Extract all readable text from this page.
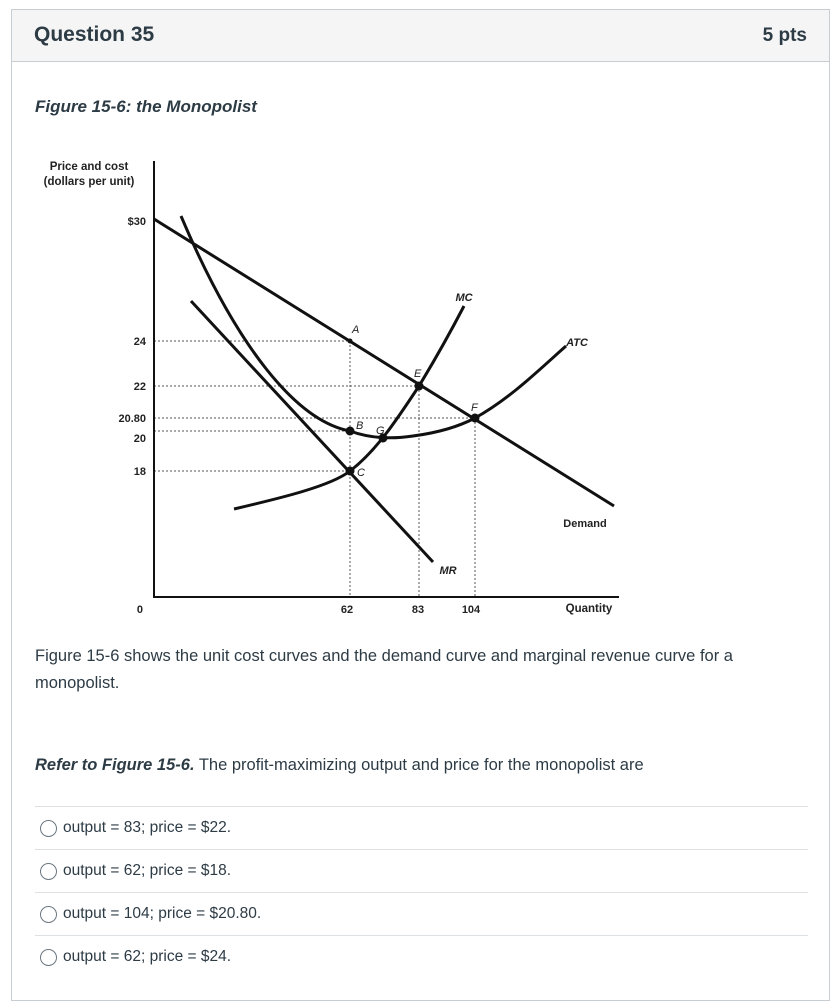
Question 35	5 pts
Figure 15-6: the Monopolist
Price and cost
(dollars per unit)
$30
24
22
20.80
20
18
0	62	83	104	Quantity
MC
ATC
Demand
MR
A
B G
C
E
F
Figure 15-6 shows the unit cost curves and the demand curve and marginal revenue curve for a monopolist.
Refer to Figure 15-6. The profit-maximizing output and price for the monopolist are
output = 83; price = $22.
output = 62; price = $18.
output = 104; price = $20.80.
output = 62; price = $24.
